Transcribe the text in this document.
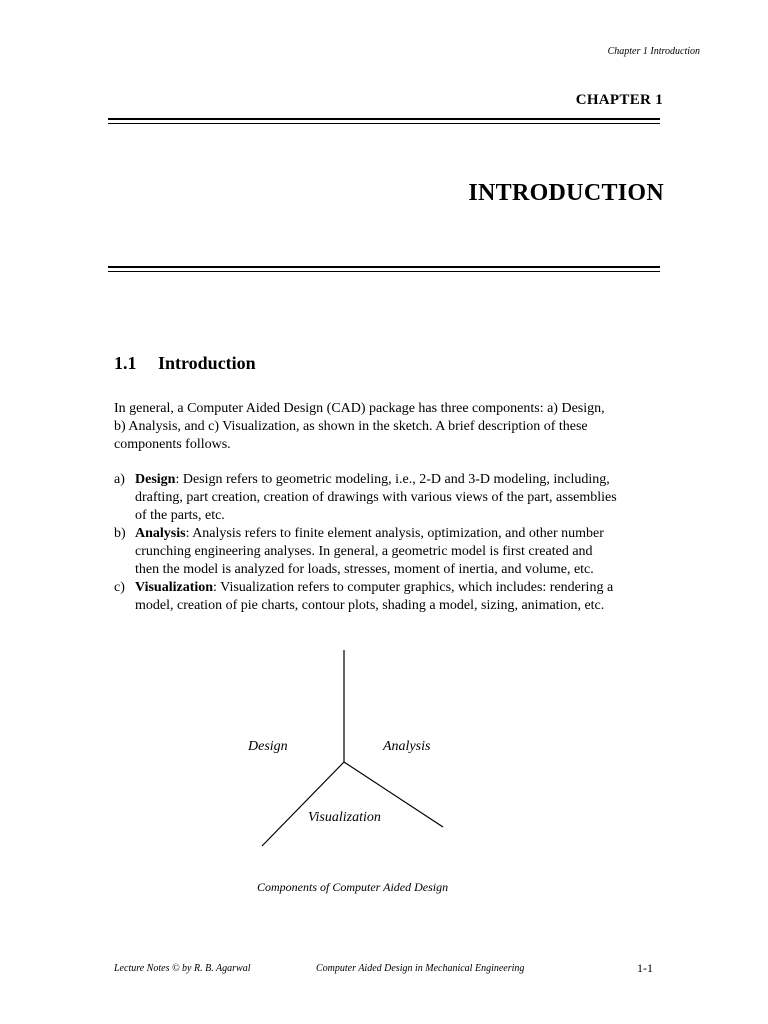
Chapter 1 Introduction
CHAPTER 1
INTRODUCTION
1.1 Introduction
In general, a Computer Aided Design (CAD) package has three components: a) Design,
b) Analysis, and c) Visualization, as shown in the sketch. A brief description of these
components follows.
a) Design: Design refers to geometric modeling, i.e., 2-D and 3-D modeling, including,
drafting, part creation, creation of drawings with various views of the part, assemblies
of the parts, etc.
b) Analysis: Analysis refers to finite element analysis, optimization, and other number
crunching engineering analyses. In general, a geometric model is first created and
then the model is analyzed for loads, stresses, moment of inertia, and volume, etc.
c) Visualization: Visualization refers to computer graphics, which includes: rendering a
model, creation of pie charts, contour plots, shading a model, sizing, animation, etc.
Design	Analysis
Visualization
Components of Computer Aided Design
Lecture Notes © by R. B. Agarwal	Computer Aided Design in Mechanical Engineering	1-1
